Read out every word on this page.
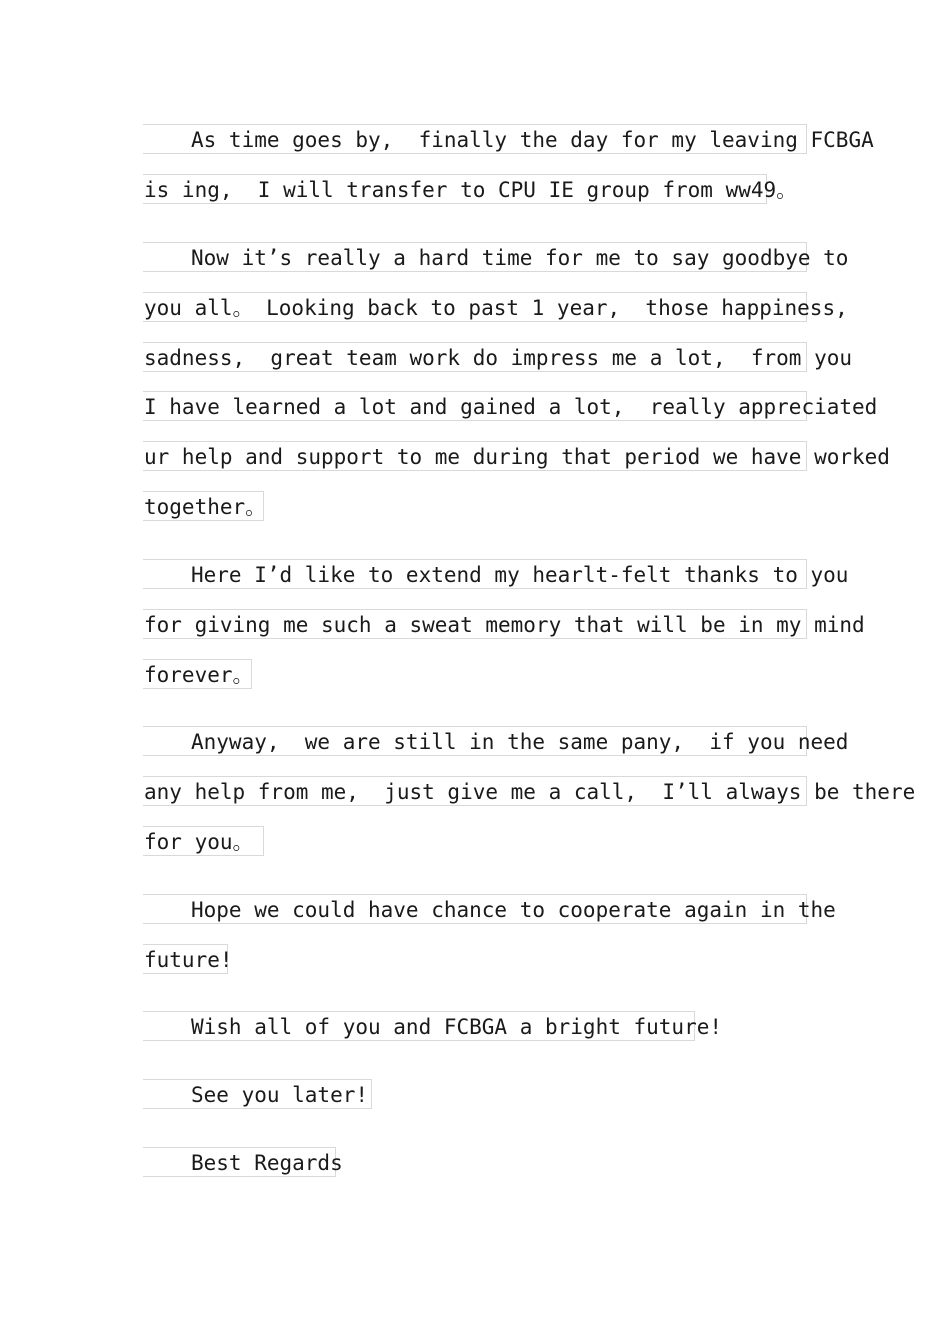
As time goes by,  finally the day for my leaving FCBGA
is ing,  I will transfer to CPU IE group from ww49。
Now it’s really a hard time for me to say goodbye to
you all。 Looking back to past 1 year,  those happiness,
sadness,  great team work do impress me a lot,  from you
I have learned a lot and gained a lot,  really appreciated
ur help and support to me during that period we have worked
together。
Here I’d like to extend my hearlt-felt thanks to you
for giving me such a sweat memory that will be in my mind
forever。
Anyway,  we are still in the same pany,  if you need
any help from me,  just give me a call,  I’ll always be there
for you。
Hope we could have chance to cooperate again in the
future!
Wish all of you and FCBGA a bright future!
See you later!
Best Regards
